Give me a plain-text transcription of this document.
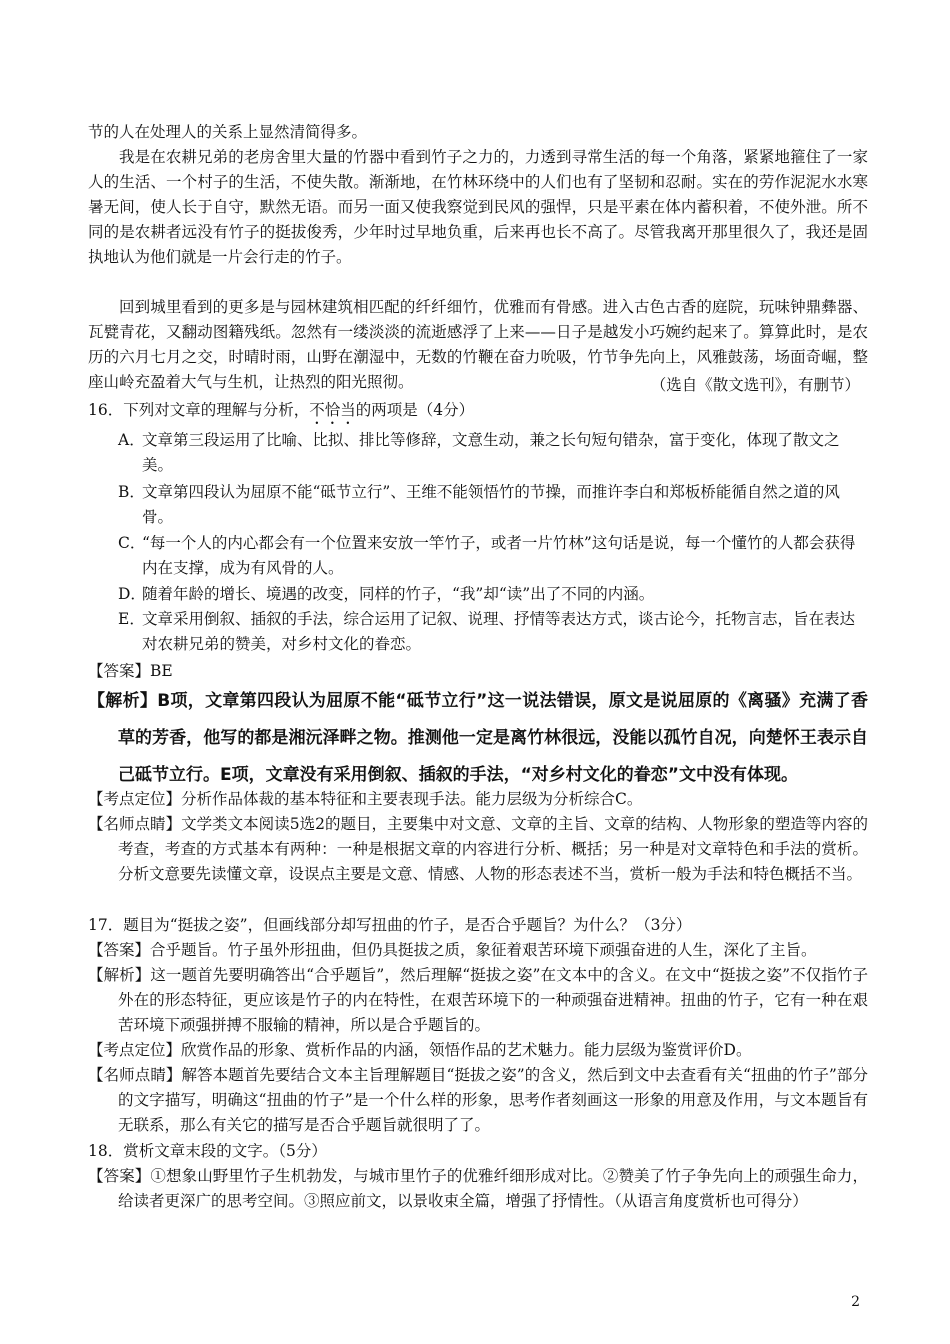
节的人在处理人的关系上显然清简得多。

我是在农耕兄弟的老房舍里大量的竹器中看到竹子之力的，力透到寻常生活的每一个角落，紧紧地箍住了一家人的生活、一个村子的生活，不使失散。渐渐地，在竹林环绕中的人们也有了坚韧和忍耐。实在的劳作泥泥水水寒暑无间，使人长于自守，默然无语。而另一面又使我察觉到民风的强悍，只是平素在体内蓄积着，不使外泄。所不同的是农耕者远没有竹子的挺拔俊秀，少年时过早地负重，后来再也长不高了。尽管我离开那里很久了，我还是固执地认为他们就是一片会行走的竹子。

回到城里看到的更多是与园林建筑相匹配的纤纤细竹，优雅而有骨感。进入古色古香的庭院，玩味钟鼎彝器、瓦甓青花，又翻动图籍残纸。忽然有一缕淡淡的流逝感浮了上来——日子是越发小巧婉约起来了。算算此时，是农历的六月七月之交，时晴时雨，山野在潮湿中，无数的竹鞭在奋力吮吸，竹节争先向上，风雅鼓荡，场面奇崛，整座山岭充盈着大气与生机，让热烈的阳光照彻。	（选自《散文选刊》，有删节）

16．下列对文章的理解与分析，不恰当的两项是（4分）

A．文章第三段运用了比喻、比拟、排比等修辞，文意生动，兼之长句短句错杂，富于变化，体现了散文之美。

B．文章第四段认为屈原不能“砥节立行”、王维不能领悟竹的节操，而推许李白和郑板桥能循自然之道的风骨。

C．“每一个人的内心都会有一个位置来安放一竿竹子，或者一片竹林”这句话是说，每一个懂竹的人都会获得内在支撑，成为有风骨的人。

D．随着年龄的增长、境遇的改变，同样的竹子，“我”却“读”出了不同的内涵。

E．文章采用倒叙、插叙的手法，综合运用了记叙、说理、抒情等表达方式，谈古论今，托物言志，旨在表达对农耕兄弟的赞美，对乡村文化的眷恋。

【答案】BE

【解析】B项，文章第四段认为屈原不能“砥节立行”这一说法错误，原文是说屈原的《离骚》充满了香草的芳香，他写的都是湘沅泽畔之物。推测他一定是离竹林很远，没能以孤竹自况，向楚怀王表示自己砥节立行。E项，文章没有采用倒叙、插叙的手法，“对乡村文化的眷恋”文中没有体现。

【考点定位】分析作品体裁的基本特征和主要表现手法。能力层级为分析综合C。

【名师点睛】文学类文本阅读5选2的题目，主要集中对文意、文章的主旨、文章的结构、人物形象的塑造等内容的考查，考查的方式基本有两种：一种是根据文章的内容进行分析、概括；另一种是对文章特色和手法的赏析。分析文意要先读懂文章，设误点主要是文意、情感、人物的形态表述不当，赏析一般为手法和特色概括不当。

17．题目为“挺拔之姿”，但画线部分却写扭曲的竹子，是否合乎题旨？为什么？（3分）

【答案】合乎题旨。竹子虽外形扭曲，但仍具挺拔之质，象征着艰苦环境下顽强奋进的人生，深化了主旨。

【解析】这一题首先要明确答出“合乎题旨”，然后理解“挺拔之姿”在文本中的含义。在文中“挺拔之姿”不仅指竹子外在的形态特征，更应该是竹子的内在特性，在艰苦环境下的一种顽强奋进精神。扭曲的竹子，它有一种在艰苦环境下顽强拼搏不服输的精神，所以是合乎题旨的。

【考点定位】欣赏作品的形象、赏析作品的内涵，领悟作品的艺术魅力。能力层级为鉴赏评价D。

【名师点睛】解答本题首先要结合文本主旨理解题目“挺拔之姿”的含义，然后到文中去查看有关“扭曲的竹子”部分的文字描写，明确这“扭曲的竹子”是一个什么样的形象，思考作者刻画这一形象的用意及作用，与文本题旨有无联系，那么有关它的描写是否合乎题旨就很明了了。

18．赏析文章末段的文字。（5分）

【答案】①想象山野里竹子生机勃发，与城市里竹子的优雅纤细形成对比。②赞美了竹子争先向上的顽强生命力，给读者更深广的思考空间。③照应前文，以景收束全篇，增强了抒情性。（从语言角度赏析也可得分）

2
